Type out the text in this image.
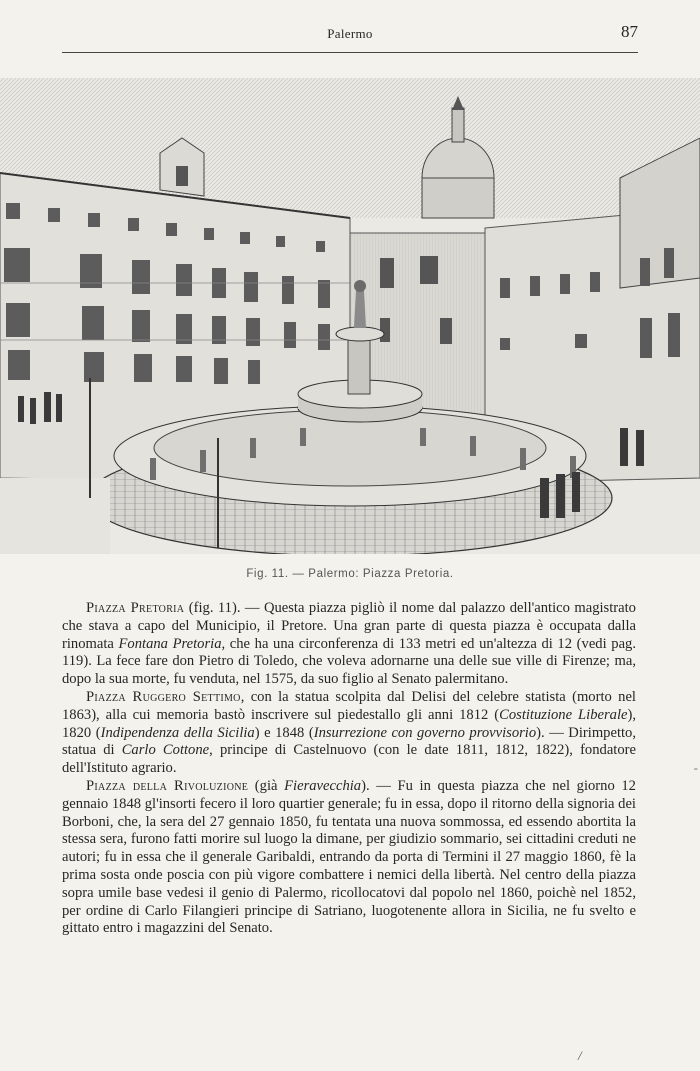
Palermo	87
Fig. 11. — Palermo: Piazza Pretoria.

Piazza Pretoria (fig. 11). — Questa piazza pigliò il nome dal palazzo dell'antico magistrato che stava a capo del Municipio, il Pretore. Una gran parte di questa piazza è occupata dalla rinomata Fontana Pretoria, che ha una circonferenza di 133 metri ed un'altezza di 12 (vedi pag. 119). La fece fare don Pietro di Toledo, che voleva adornarne una delle sue ville di Firenze; ma, dopo la sua morte, fu venduta, nel 1575, da suo figlio al Senato palermitano.

Piazza Ruggero Settimo, con la statua scolpita dal Delisi del celebre statista (morto nel 1863), alla cui memoria bastò inscrivere sul piedestallo gli anni 1812 (Costituzione Liberale), 1820 (Indipendenza della Sicilia) e 1848 (Insurrezione con governo provvisorio). — Dirimpetto, statua di Carlo Cottone, principe di Castelnuovo (con le date 1811, 1812, 1822), fondatore dell'Istituto agrario.

Piazza della Rivoluzione (già Fieravecchia). — Fu in questa piazza che nel giorno 12 gennaio 1848 gl'insorti fecero il loro quartier generale; fu in essa, dopo il ritorno della signoria dei Borboni, che, la sera del 27 gennaio 1850, fu tentata una nuova sommossa, ed essendo abortita la stessa sera, furono fatti morire sul luogo la dimane, per giudizio sommario, sei cittadini creduti ne autori; fu in essa che il generale Garibaldi, entrando da porta di Termini il 27 maggio 1860, fè la prima sosta onde poscia con più vigore combattere i nemici della libertà. Nel centro della piazza sopra umile base vedesi il genio di Palermo, ricollocatovi dal popolo nel 1860, poichè nel 1852, per ordine di Carlo Filangieri principe di Satriano, luogotenente allora in Sicilia, ne fu svelto e gittato entro i magazzini del Senato.

-
/
